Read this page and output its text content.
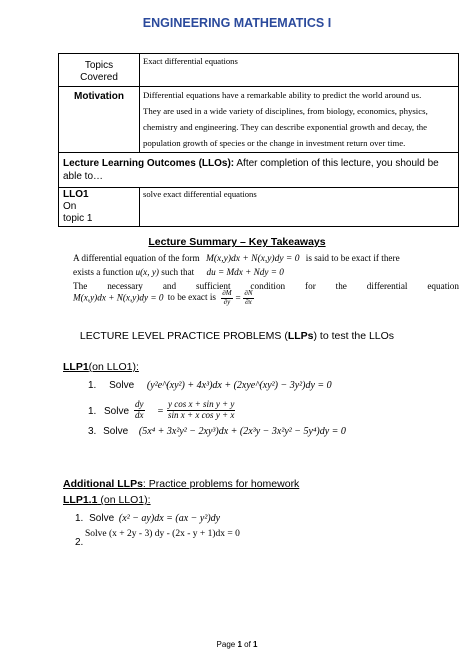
ENGINEERING MATHEMATICS I
Topics Covered	Exact differential equations

Motivation	Differential equations have a remarkable ability to predict the world around us.
They are used in a wide variety of disciplines, from biology, economics, physics,
chemistry and engineering. They can describe exponential growth and decay, the
population growth of species or the change in investment return over time.

Lecture Learning Outcomes (LLOs): After completion of this lecture, you should be able to…	

LLO1
On
topic 1	solve exact differential equations
Lecture Summary – Key Takeaways
A differential equation of the form M(x,y)dx + N(x,y)dy = 0 is said to be exact if there
exists a function u(x, y) such that du = Mdx + Ndy = 0
The necessary and sufficient condition for the differential equation
M(x,y)dx + N(x,y)dy = 0 to be exact is $\frac{\partial M}{\partial y} = \frac{\partial N}{\partial x}$
LECTURE LEVEL PRACTICE PROBLEMS (LLPs) to test the LLOs
LLP1(on LLO1):
1. Solve (y²e^(xy²) + 4x³)dx + (2xye^(xy²) − 3y²)dy = 0
1. Solve $\frac{dy}{dx} = \frac{\text{y cos x + sin y + y}}{\text{sin x + x cos y + x}}$
3. Solve (5x⁴ + 3x²y² − 2xy³)dx + (2x³y − 3x²y² − 5y⁴)dy = 0
Additional LLPs: Practice problems for homework
LLP1.1 (on LLO1):
1. Solve (x² − ay)dx = (ax − y²)dy
2.
Solve (x + 2y - 3) dy - (2x - y + 1)dx = 0
Page 1 of 1
